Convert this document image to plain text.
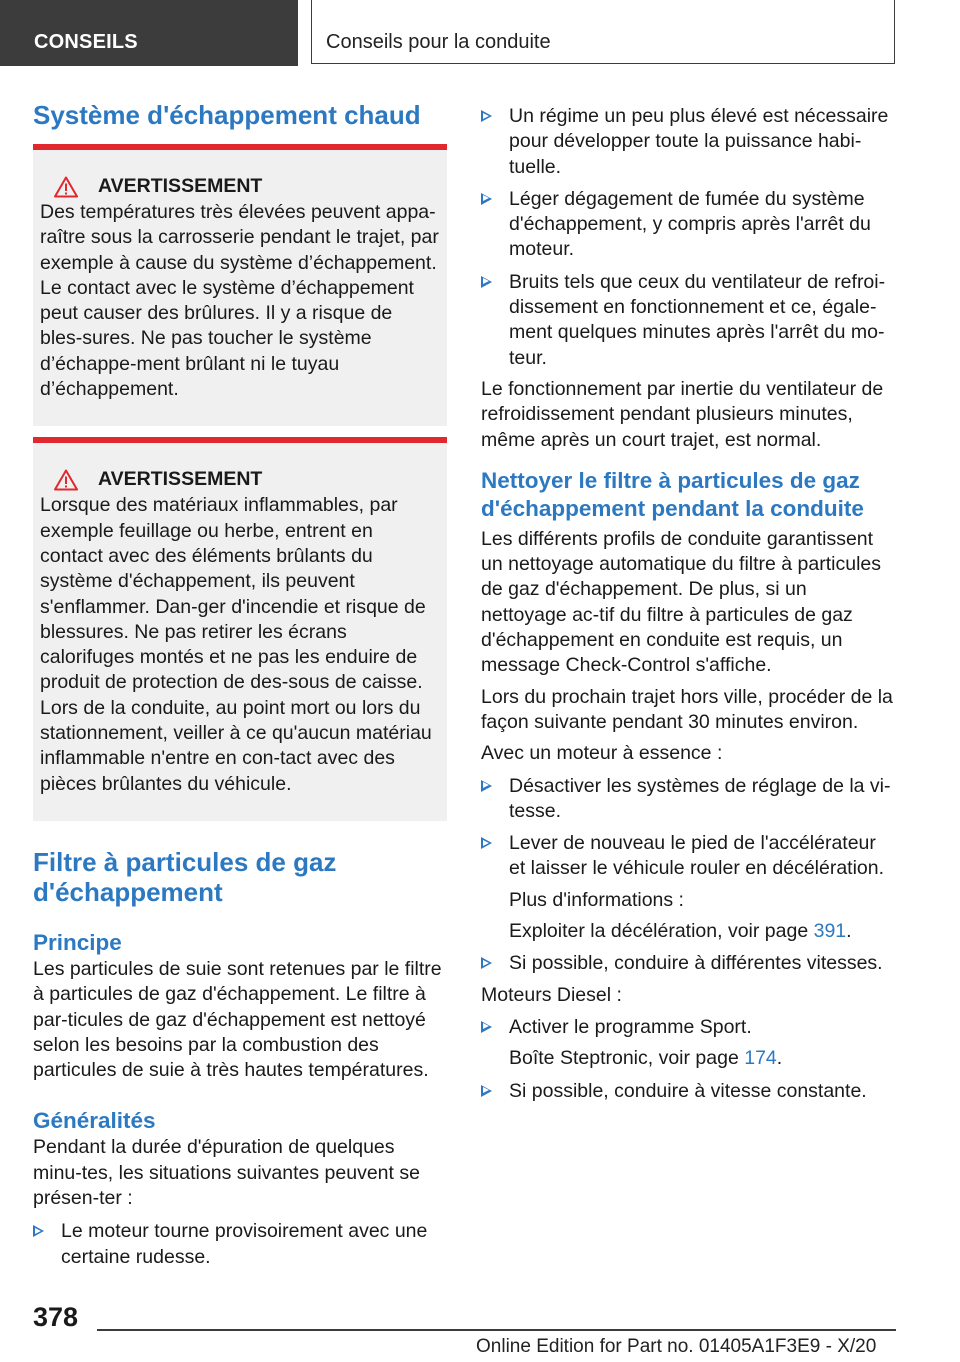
CONSEILS	Conseils pour la conduite
Système d'échappement chaud
AVERTISSEMENT

Des températures très élevées peuvent appa-raître sous la carrosserie pendant le trajet, par exemple à cause du système d’échappement. Le contact avec le système d’échappement peut causer des brûlures. Il y a risque de bles-sures. Ne pas toucher le système d’échappe-ment brûlant ni le tuyau d’échappement.

AVERTISSEMENT

Lorsque des matériaux inflammables, par exemple feuillage ou herbe, entrent en contact avec des éléments brûlants du système d'échappement, ils peuvent s'enflammer. Dan-ger d'incendie et risque de blessures. Ne pas retirer les écrans calorifuges montés et ne pas les enduire de produit de protection de des-sous de caisse. Lors de la conduite, au point mort ou lors du stationnement, veiller à ce qu'aucun matériau inflammable n'entre en con-tact avec des pièces brûlantes du véhicule.

Filtre à particules de gaz d'échappement
Principe

Les particules de suie sont retenues par le filtre à particules de gaz d'échappement. Le filtre à par-ticules de gaz d'échappement est nettoyé selon les besoins par la combustion des particules de suie à très hautes températures.

Généralités

Pendant la durée d'épuration de quelques minu-tes, les situations suivantes peuvent se présen-ter :

Le moteur tourne provisoirement avec une certaine rudesse.

Un régime un peu plus élevé est nécessaire pour développer toute la puissance habi-tuelle.

Léger dégagement de fumée du système d'échappement, y compris après l'arrêt du moteur.

Bruits tels que ceux du ventilateur de refroi-dissement en fonctionnement et ce, égale-ment quelques minutes après l'arrêt du mo-teur.

Le fonctionnement par inertie du ventilateur de refroidissement pendant plusieurs minutes, même après un court trajet, est normal.

Nettoyer le filtre à particules de gaz d'échappement pendant la conduite

Les différents profils de conduite garantissent un nettoyage automatique du filtre à particules de gaz d'échappement. De plus, si un nettoyage ac-tif du filtre à particules de gaz d'échappement en conduite est requis, un message Check-Control s'affiche.

Lors du prochain trajet hors ville, procéder de la façon suivante pendant 30 minutes environ.

Avec un moteur à essence :

Désactiver les systèmes de réglage de la vi-tesse.

Lever de nouveau le pied de l'accélérateur et laisser le véhicule rouler en décélération.

Plus d'informations :

Exploiter la décélération, voir page 391.

Si possible, conduire à différentes vitesses.

Moteurs Diesel :

Activer le programme Sport.

Boîte Steptronic, voir page 174.

Si possible, conduire à vitesse constante.

378
Online Edition for Part no. 01405A1F3E9 - X/20
